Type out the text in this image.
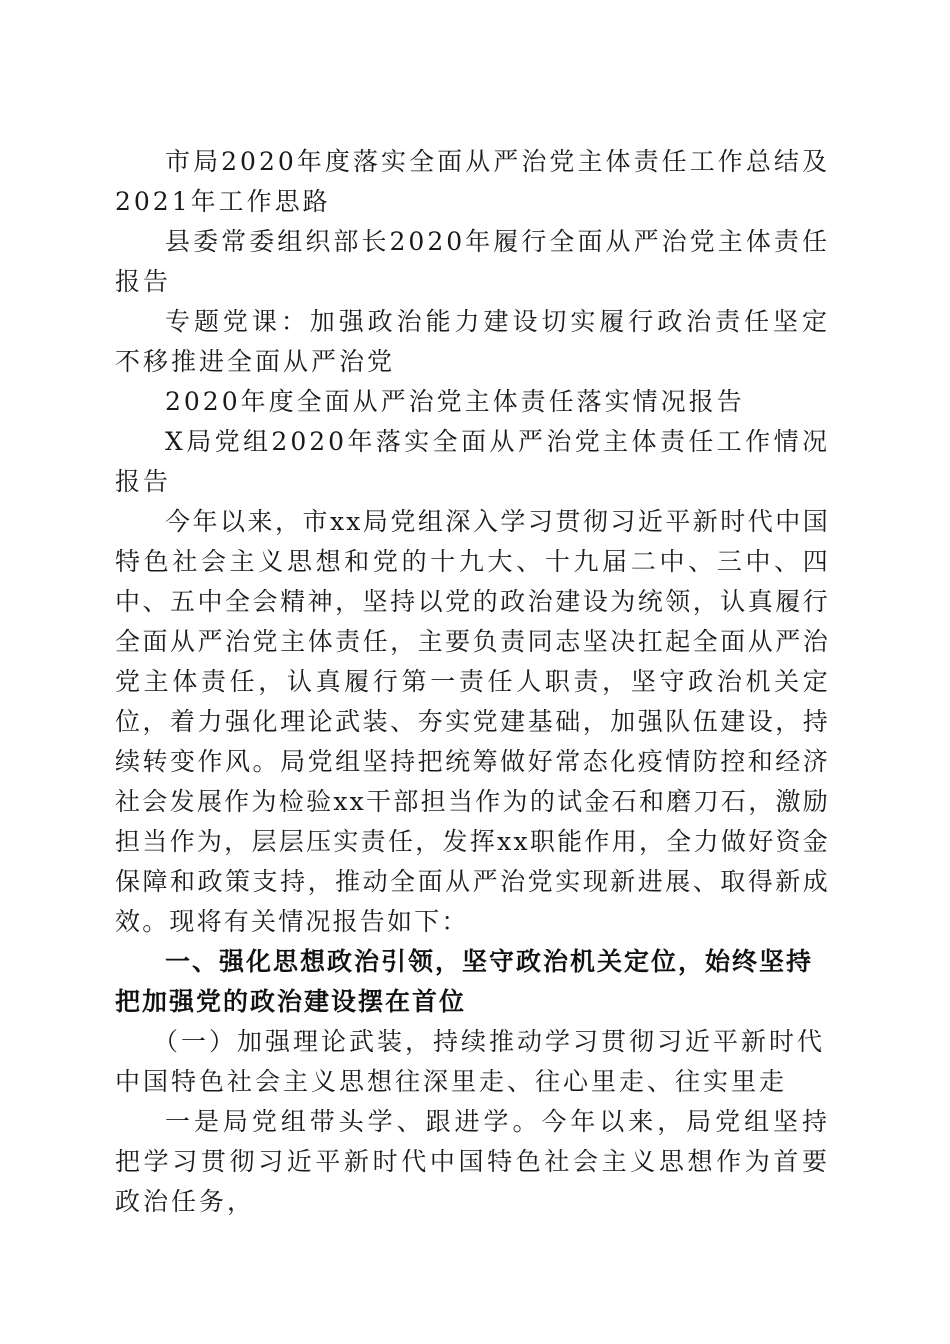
市局2020年度落实全面从严治党主体责任工作总结及2021年工作思路

县委常委组织部长2020年履行全面从严治党主体责任报告

专题党课：加强政治能力建设切实履行政治责任坚定不移推进全面从严治党

2020年度全面从严治党主体责任落实情况报告

X局党组2020年落实全面从严治党主体责任工作情况报告

今年以来，市xx局党组深入学习贯彻习近平新时代中国特色社会主义思想和党的十九大、十九届二中、三中、四中、五中全会精神，坚持以党的政治建设为统领，认真履行全面从严治党主体责任，主要负责同志坚决扛起全面从严治党主体责任，认真履行第一责任人职责，坚守政治机关定位，着力强化理论武装、夯实党建基础，加强队伍建设，持续转变作风。局党组坚持把统筹做好常态化疫情防控和经济社会发展作为检验xx干部担当作为的试金石和磨刀石，激励担当作为，层层压实责任，发挥xx职能作用，全力做好资金保障和政策支持，推动全面从严治党实现新进展、取得新成效。现将有关情况报告如下：

一、强化思想政治引领，坚守政治机关定位，始终坚持把加强党的政治建设摆在首位

（一）加强理论武装，持续推动学习贯彻习近平新时代中国特色社会主义思想往深里走、往心里走、往实里走

一是局党组带头学、跟进学。今年以来，局党组坚持把学习贯彻习近平新时代中国特色社会主义思想作为首要政治任务，
